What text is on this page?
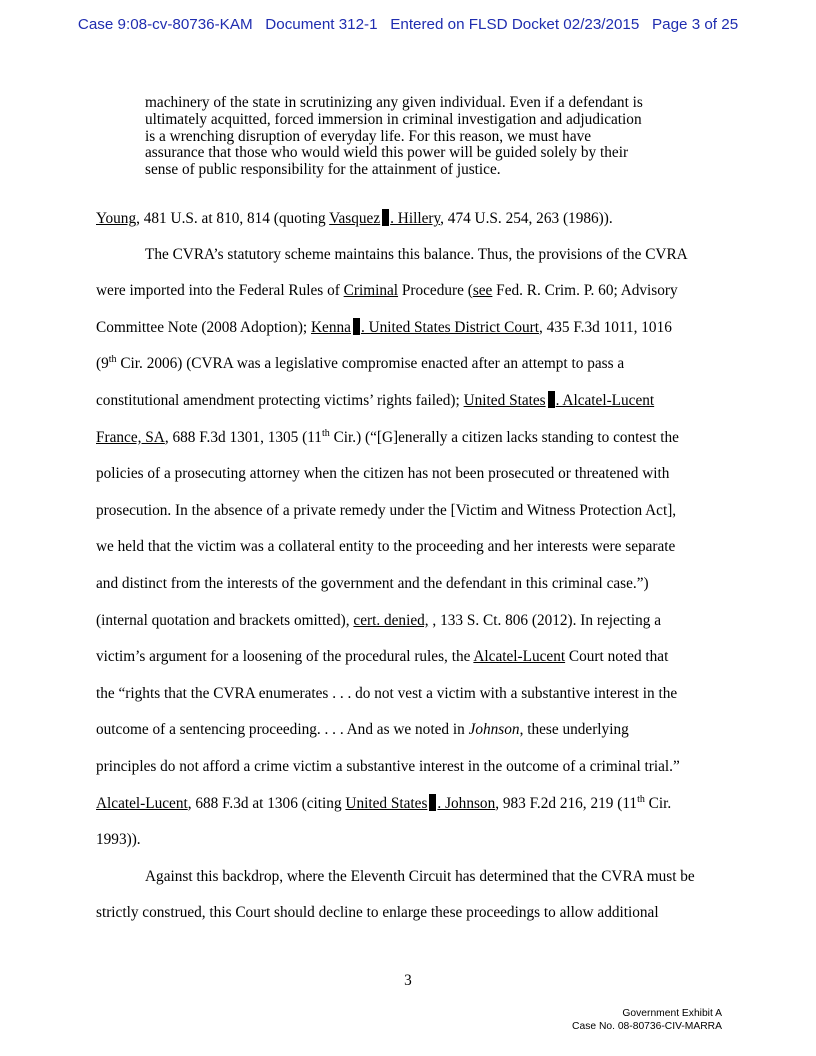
Case 9:08-cv-80736-KAM Document 312-1 Entered on FLSD Docket 02/23/2015 Page 3 of 25
machinery of the state in scrutinizing any given individual. Even if a defendant is
ultimately acquitted, forced immersion in criminal investigation and adjudication
is a wrenching disruption of everyday life. For this reason, we must have
assurance that those who would wield this power will be guided solely by their
sense of public responsibility for the attainment of justice.
Young, 481 U.S. at 810, 814 (quoting Vasquez . Hillery, 474 U.S. 254, 263 (1986)).
The CVRA’s statutory scheme maintains this balance. Thus, the provisions of the CVRA
were imported into the Federal Rules of Criminal Procedure (see Fed. R. Crim. P. 60; Advisory
Committee Note (2008 Adoption); Kenna . United States District Court, 435 F.3d 1011, 1016
(9th Cir. 2006) (CVRA was a legislative compromise enacted after an attempt to pass a
constitutional amendment protecting victims’ rights failed); United States . Alcatel-Lucent
France, SA, 688 F.3d 1301, 1305 (11th Cir.) (“[G]enerally a citizen lacks standing to contest the
policies of a prosecuting attorney when the citizen has not been prosecuted or threatened with
prosecution. In the absence of a private remedy under the [Victim and Witness Protection Act],
we held that the victim was a collateral entity to the proceeding and her interests were separate
and distinct from the interests of the government and the defendant in this criminal case.”)
(internal quotation and brackets omitted), cert. denied, , 133 S. Ct. 806 (2012). In rejecting a
victim’s argument for a loosening of the procedural rules, the Alcatel-Lucent Court noted that
the “rights that the CVRA enumerates . . . do not vest a victim with a substantive interest in the
outcome of a sentencing proceeding. . . . And as we noted in Johnson, these underlying
principles do not afford a crime victim a substantive interest in the outcome of a criminal trial.”
Alcatel-Lucent, 688 F.3d at 1306 (citing United States . Johnson, 983 F.2d 216, 219 (11th Cir.
1993)).
Against this backdrop, where the Eleventh Circuit has determined that the CVRA must be
strictly construed, this Court should decline to enlarge these proceedings to allow additional
3
Government Exhibit A
Case No. 08-80736-CIV-MARRA
